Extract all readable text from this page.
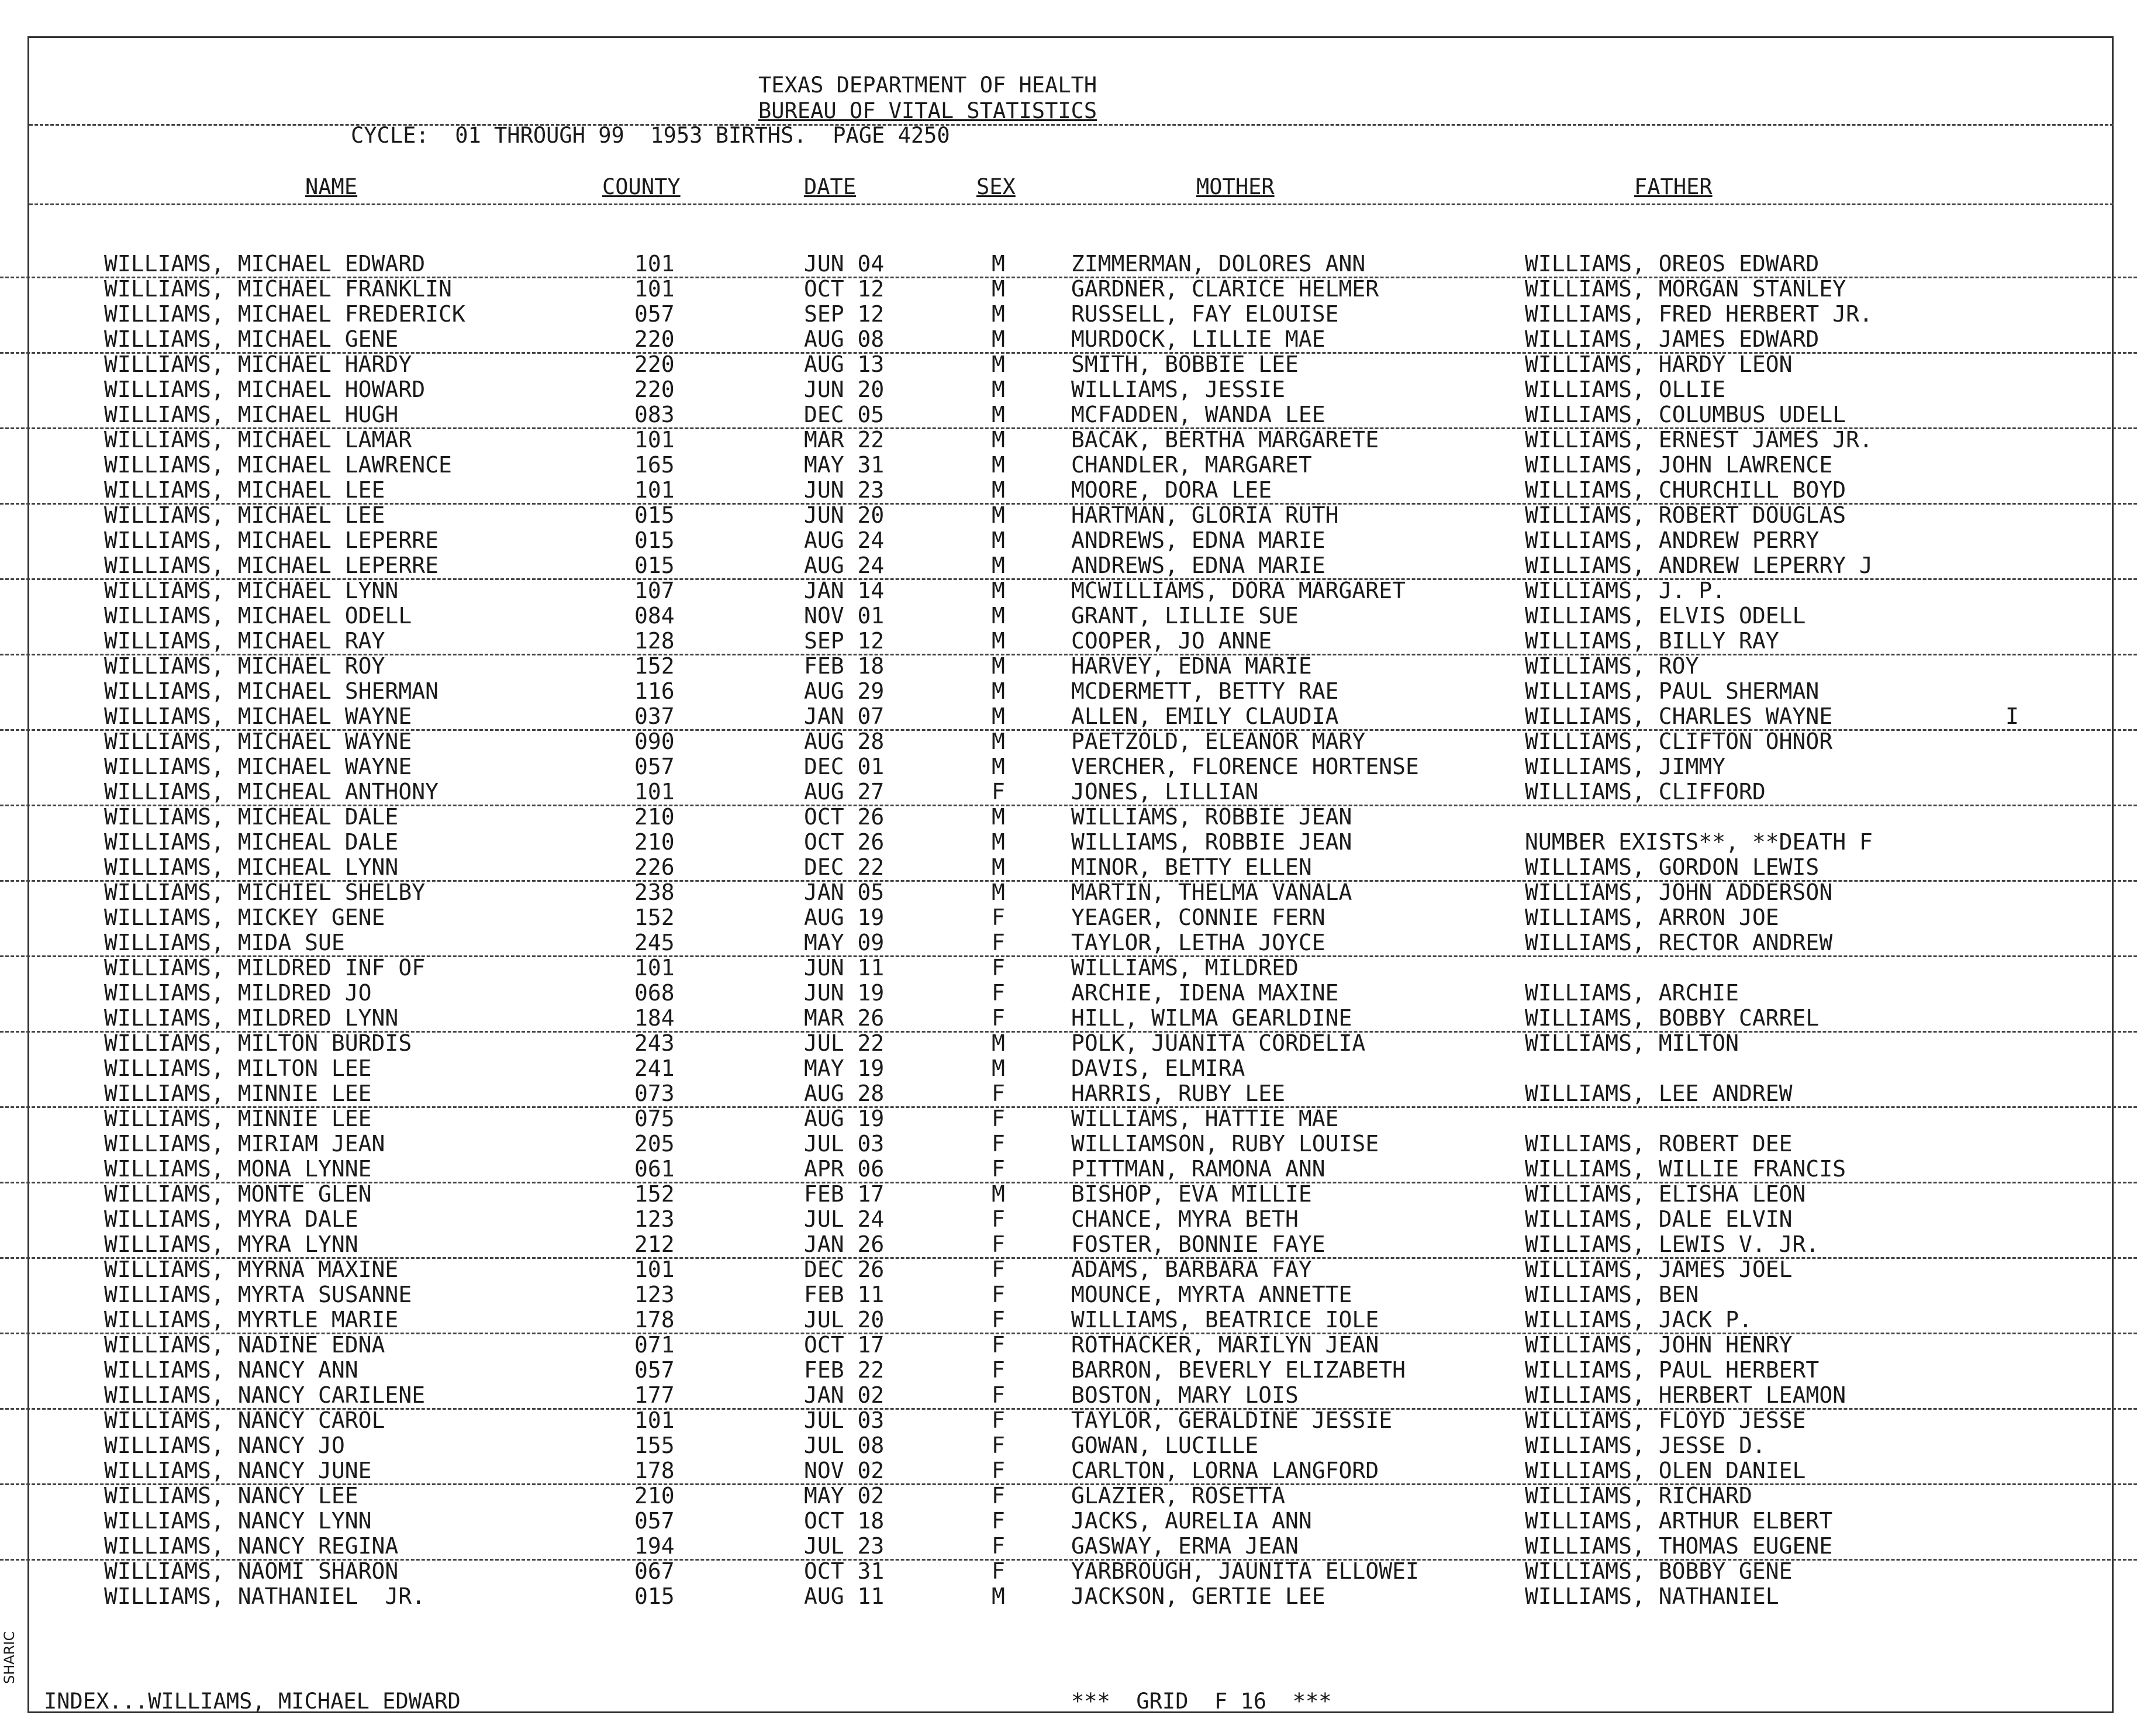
TEXAS DEPARTMENT OF HEALTH
BUREAU OF VITAL STATISTICS
CYCLE:  01 THROUGH 99  1953 BIRTHS.  PAGE 4250
NAME	COUNTY	DATE	SEX	MOTHER	FATHER
WILLIAMS, MICHAEL EDWARD	101	JUN 04	M	ZIMMERMAN, DOLORES ANN	WILLIAMS, OREOS EDWARD
WILLIAMS, MICHAEL FRANKLIN	101	OCT 12	M	GARDNER, CLARICE HELMER	WILLIAMS, MORGAN STANLEY
WILLIAMS, MICHAEL FREDERICK	057	SEP 12	M	RUSSELL, FAY ELOUISE	WILLIAMS, FRED HERBERT JR.
WILLIAMS, MICHAEL GENE	220	AUG 08	M	MURDOCK, LILLIE MAE	WILLIAMS, JAMES EDWARD
WILLIAMS, MICHAEL HARDY	220	AUG 13	M	SMITH, BOBBIE LEE	WILLIAMS, HARDY LEON
WILLIAMS, MICHAEL HOWARD	220	JUN 20	M	WILLIAMS, JESSIE	WILLIAMS, OLLIE
WILLIAMS, MICHAEL HUGH	083	DEC 05	M	MCFADDEN, WANDA LEE	WILLIAMS, COLUMBUS UDELL
WILLIAMS, MICHAEL LAMAR	101	MAR 22	M	BACAK, BERTHA MARGARETE	WILLIAMS, ERNEST JAMES JR.
WILLIAMS, MICHAEL LAWRENCE	165	MAY 31	M	CHANDLER, MARGARET	WILLIAMS, JOHN LAWRENCE
WILLIAMS, MICHAEL LEE	101	JUN 23	M	MOORE, DORA LEE	WILLIAMS, CHURCHILL BOYD
WILLIAMS, MICHAEL LEE	015	JUN 20	M	HARTMAN, GLORIA RUTH	WILLIAMS, ROBERT DOUGLAS
WILLIAMS, MICHAEL LEPERRE	015	AUG 24	M	ANDREWS, EDNA MARIE	WILLIAMS, ANDREW PERRY
WILLIAMS, MICHAEL LEPERRE	015	AUG 24	M	ANDREWS, EDNA MARIE	WILLIAMS, ANDREW LEPERRY J
WILLIAMS, MICHAEL LYNN	107	JAN 14	M	MCWILLIAMS, DORA MARGARET	WILLIAMS, J. P.
WILLIAMS, MICHAEL ODELL	084	NOV 01	M	GRANT, LILLIE SUE	WILLIAMS, ELVIS ODELL
WILLIAMS, MICHAEL RAY	128	SEP 12	M	COOPER, JO ANNE	WILLIAMS, BILLY RAY
WILLIAMS, MICHAEL ROY	152	FEB 18	M	HARVEY, EDNA MARIE	WILLIAMS, ROY
WILLIAMS, MICHAEL SHERMAN	116	AUG 29	M	MCDERMETT, BETTY RAE	WILLIAMS, PAUL SHERMAN
WILLIAMS, MICHAEL WAYNE	037	JAN 07	M	ALLEN, EMILY CLAUDIA	WILLIAMS, CHARLES WAYNE	I
WILLIAMS, MICHAEL WAYNE	090	AUG 28	M	PAETZOLD, ELEANOR MARY	WILLIAMS, CLIFTON OHNOR
WILLIAMS, MICHAEL WAYNE	057	DEC 01	M	VERCHER, FLORENCE HORTENSE	WILLIAMS, JIMMY
WILLIAMS, MICHEAL ANTHONY	101	AUG 27	F	JONES, LILLIAN	WILLIAMS, CLIFFORD
WILLIAMS, MICHEAL DALE	210	OCT 26	M	WILLIAMS, ROBBIE JEAN
WILLIAMS, MICHEAL DALE	210	OCT 26	M	WILLIAMS, ROBBIE JEAN	NUMBER EXISTS**, **DEATH F
WILLIAMS, MICHEAL LYNN	226	DEC 22	M	MINOR, BETTY ELLEN	WILLIAMS, GORDON LEWIS
WILLIAMS, MICHIEL SHELBY	238	JAN 05	M	MARTIN, THELMA VANALA	WILLIAMS, JOHN ADDERSON
WILLIAMS, MICKEY GENE	152	AUG 19	F	YEAGER, CONNIE FERN	WILLIAMS, ARRON JOE
WILLIAMS, MIDA SUE	245	MAY 09	F	TAYLOR, LETHA JOYCE	WILLIAMS, RECTOR ANDREW
WILLIAMS, MILDRED INF OF	101	JUN 11	F	WILLIAMS, MILDRED
WILLIAMS, MILDRED JO	068	JUN 19	F	ARCHIE, IDENA MAXINE	WILLIAMS, ARCHIE
WILLIAMS, MILDRED LYNN	184	MAR 26	F	HILL, WILMA GEARLDINE	WILLIAMS, BOBBY CARREL
WILLIAMS, MILTON BURDIS	243	JUL 22	M	POLK, JUANITA CORDELIA	WILLIAMS, MILTON
WILLIAMS, MILTON LEE	241	MAY 19	M	DAVIS, ELMIRA
WILLIAMS, MINNIE LEE	073	AUG 28	F	HARRIS, RUBY LEE	WILLIAMS, LEE ANDREW
WILLIAMS, MINNIE LEE	075	AUG 19	F	WILLIAMS, HATTIE MAE
WILLIAMS, MIRIAM JEAN	205	JUL 03	F	WILLIAMSON, RUBY LOUISE	WILLIAMS, ROBERT DEE
WILLIAMS, MONA LYNNE	061	APR 06	F	PITTMAN, RAMONA ANN	WILLIAMS, WILLIE FRANCIS
WILLIAMS, MONTE GLEN	152	FEB 17	M	BISHOP, EVA MILLIE	WILLIAMS, ELISHA LEON
WILLIAMS, MYRA DALE	123	JUL 24	F	CHANCE, MYRA BETH	WILLIAMS, DALE ELVIN
WILLIAMS, MYRA LYNN	212	JAN 26	F	FOSTER, BONNIE FAYE	WILLIAMS, LEWIS V. JR.
WILLIAMS, MYRNA MAXINE	101	DEC 26	F	ADAMS, BARBARA FAY	WILLIAMS, JAMES JOEL
WILLIAMS, MYRTA SUSANNE	123	FEB 11	F	MOUNCE, MYRTA ANNETTE	WILLIAMS, BEN
WILLIAMS, MYRTLE MARIE	178	JUL 20	F	WILLIAMS, BEATRICE IOLE	WILLIAMS, JACK P.
WILLIAMS, NADINE EDNA	071	OCT 17	F	ROTHACKER, MARILYN JEAN	WILLIAMS, JOHN HENRY
WILLIAMS, NANCY ANN	057	FEB 22	F	BARRON, BEVERLY ELIZABETH	WILLIAMS, PAUL HERBERT
WILLIAMS, NANCY CARILENE	177	JAN 02	F	BOSTON, MARY LOIS	WILLIAMS, HERBERT LEAMON
WILLIAMS, NANCY CAROL	101	JUL 03	F	TAYLOR, GERALDINE JESSIE	WILLIAMS, FLOYD JESSE
WILLIAMS, NANCY JO	155	JUL 08	F	GOWAN, LUCILLE	WILLIAMS, JESSE D.
WILLIAMS, NANCY JUNE	178	NOV 02	F	CARLTON, LORNA LANGFORD	WILLIAMS, OLEN DANIEL
WILLIAMS, NANCY LEE	210	MAY 02	F	GLAZIER, ROSETTA	WILLIAMS, RICHARD
WILLIAMS, NANCY LYNN	057	OCT 18	F	JACKS, AURELIA ANN	WILLIAMS, ARTHUR ELBERT
WILLIAMS, NANCY REGINA	194	JUL 23	F	GASWAY, ERMA JEAN	WILLIAMS, THOMAS EUGENE
WILLIAMS, NAOMI SHARON	067	OCT 31	F	YARBROUGH, JAUNITA ELLOWEI	WILLIAMS, BOBBY GENE
WILLIAMS, NATHANIEL  JR.	015	AUG 11	M	JACKSON, GERTIE LEE	WILLIAMS, NATHANIEL
INDEX...WILLIAMS, MICHAEL EDWARD	***  GRID  F 16  ***
SHARIC
